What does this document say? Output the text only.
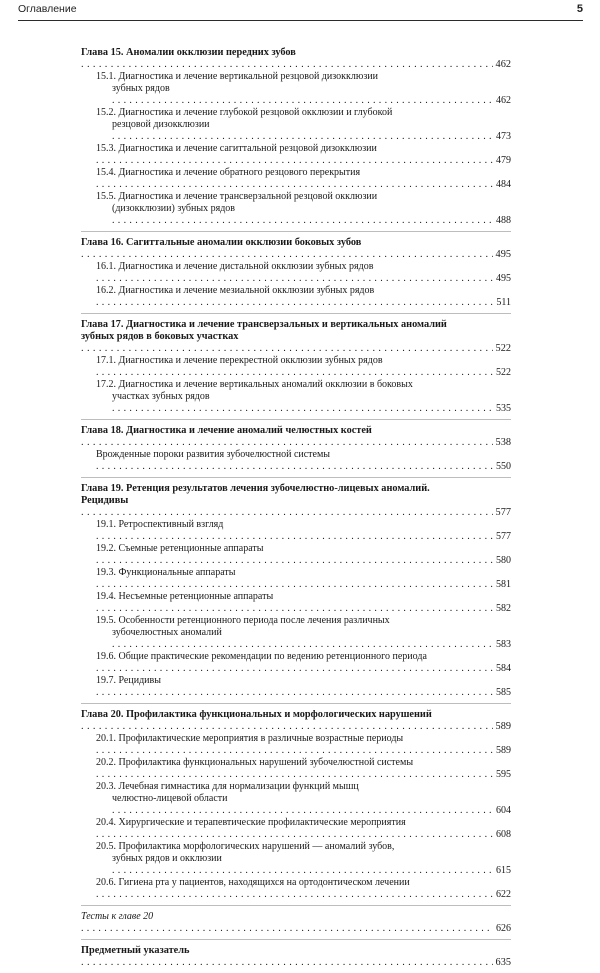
Оглавление	5
Глава 15. Аномалии окклюзии передних зубов . . .
462
15.1. Диагностика и лечение вертикальной резцовой дизокклюзии
зубных рядов . . .
462
15.2. Диагностика и лечение глубокой резцовой окклюзии и глубокой
резцовой дизокклюзии . . .
473
15.3. Диагностика и лечение сагиттальной резцовой дизокклюзии . . .
479
15.4. Диагностика и лечение обратного резцового перекрытия . . .
484
15.5. Диагностика и лечение трансверзальной резцовой окклюзии
(дизокклюзии) зубных рядов . . .
488
Глава 16. Сагиттальные аномалии окклюзии боковых зубов . . .
495
16.1. Диагностика и лечение дистальной окклюзии зубных рядов . . .
495
16.2. Диагностика и лечение мезиальной окклюзии зубных рядов . . .
511
Глава 17. Диагностика и лечение трансверзальных и вертикальных аномалий
зубных рядов в боковых участках . . .
522
17.1. Диагностика и лечение перекрестной окклюзии зубных рядов . . .
522
17.2. Диагностика и лечение вертикальных аномалий окклюзии в боковых
участках зубных рядов . . .
535
Глава 18. Диагностика и лечение аномалий челюстных костей . . .
538
Врожденные пороки развития зубочелюстной системы . . .
550
Глава 19. Ретенция результатов лечения зубочелюстно-лицевых аномалий.
Рецидивы . . .
577
19.1. Ретроспективный взгляд . . .
577
19.2. Съемные ретенционные аппараты . . .
580
19.3. Функциональные аппараты . . .
581
19.4. Несъемные ретенционные аппараты . . .
582
19.5. Особенности ретенционного периода после лечения различных
зубочелюстных аномалий . . .
583
19.6. Общие практические рекомендации по ведению ретенционного периода . . .
584
19.7. Рецидивы . . .
585
Глава 20. Профилактика функциональных и морфологических нарушений . . .
589
20.1. Профилактические мероприятия в различные возрастные периоды . . .
589
20.2. Профилактика функциональных нарушений зубочелюстной системы . . .
595
20.3. Лечебная гимнастика для нормализации функций мышц
челюстно-лицевой области . . .
604
20.4. Хирургические и терапевтические профилактические мероприятия . . .
608
20.5. Профилактика морфологических нарушений — аномалий зубов,
зубных рядов и окклюзии . . .
615
20.6. Гигиена рта у пациентов, находящихся на ортодонтическом лечении . . .
622
Тесты к главе 20 . . .
626
Предметный указатель . . .
635
